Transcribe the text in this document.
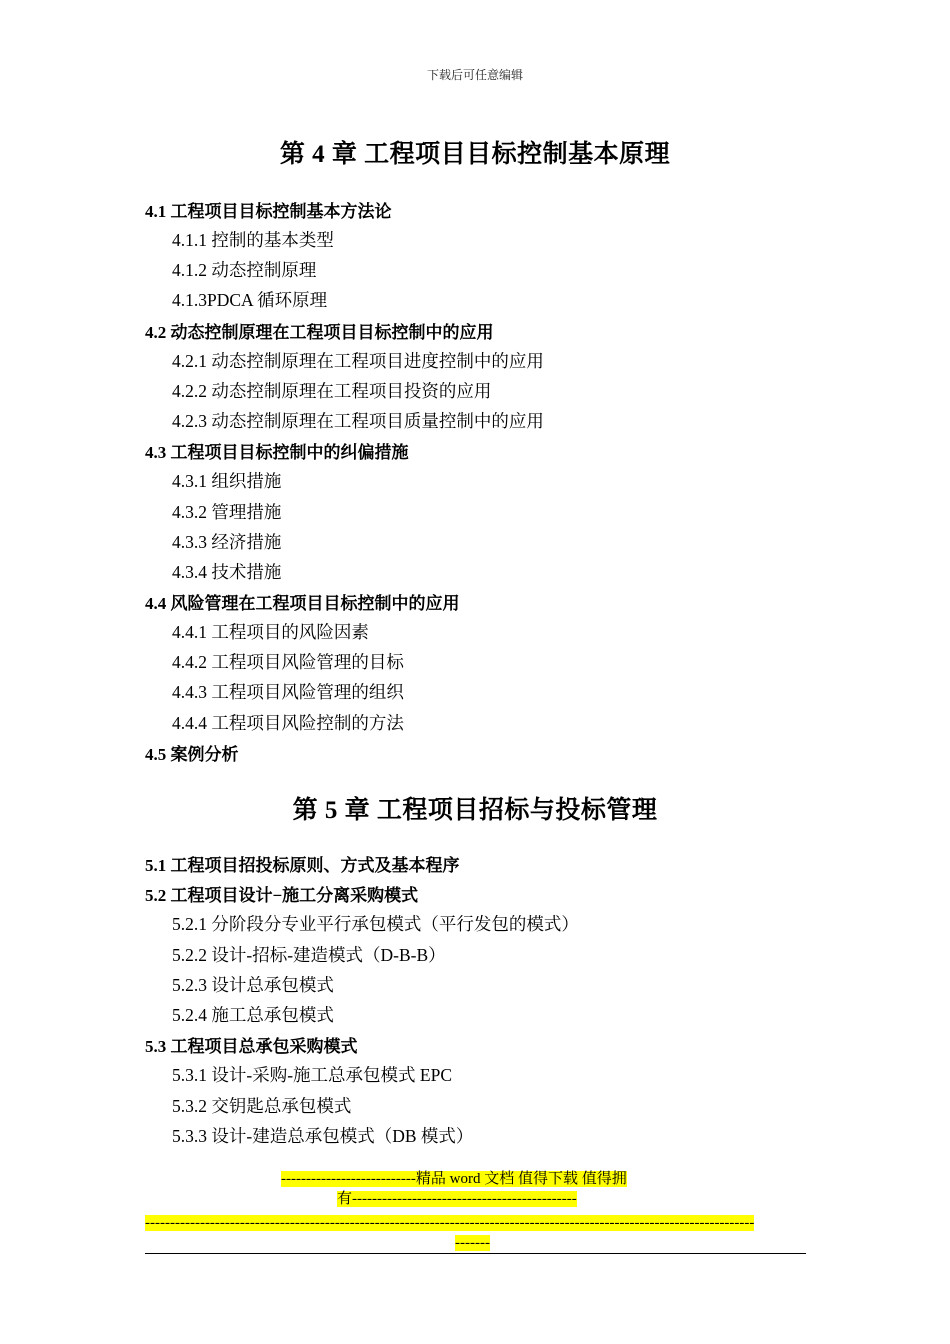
下载后可任意编辑
第 4 章 工程项目目标控制基本原理
4.1 工程项目目标控制基本方法论
4.1.1 控制的基本类型
4.1.2 动态控制原理
4.1.3PDCA 循环原理
4.2 动态控制原理在工程项目目标控制中的应用
4.2.1 动态控制原理在工程项目进度控制中的应用
4.2.2 动态控制原理在工程项目投资的应用
4.2.3 动态控制原理在工程项目质量控制中的应用
4.3 工程项目目标控制中的纠偏措施
4.3.1 组织措施
4.3.2 管理措施
4.3.3 经济措施
4.3.4 技术措施
4.4 风险管理在工程项目目标控制中的应用
4.4.1 工程项目的风险因素
4.4.2 工程项目风险管理的目标
4.4.3 工程项目风险管理的组织
4.4.4 工程项目风险控制的方法
4.5 案例分析
第 5 章 工程项目招标与投标管理
5.1 工程项目招投标原则、方式及基本程序
5.2 工程项目设计−施工分离采购模式
5.2.1 分阶段分专业平行承包模式（平行发包的模式）
5.2.2 设计-招标-建造模式（D-B-B）
5.2.3 设计总承包模式
5.2.4 施工总承包模式
5.3 工程项目总承包采购模式
5.3.1 设计-采购-施工总承包模式 EPC
5.3.2 交钥匙总承包模式
5.3.3 设计-建造总承包模式（DB 模式）
---------------------------精品 word 文档 值得下载 值得拥
有---------------------------------------------
--------------------------------------------------------------------------------------------------------------------------
-------
